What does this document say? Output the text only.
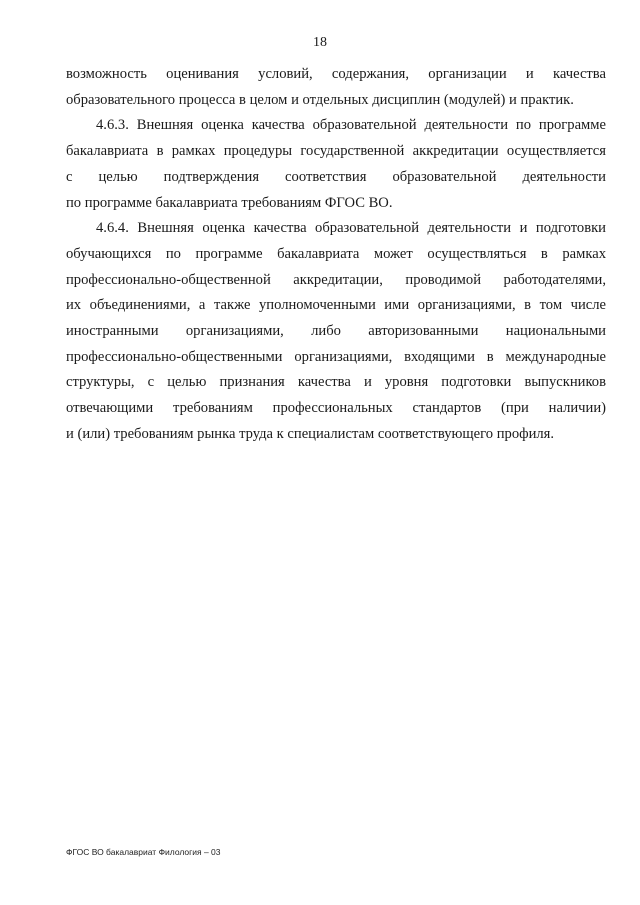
18
возможность оценивания условий, содержания, организации и качества
образовательного процесса в целом и отдельных дисциплин (модулей) и практик.
4.6.3. Внешняя оценка качества образовательной деятельности по программе
бакалавриата в рамках процедуры государственной аккредитации осуществляется
с целью подтверждения соответствия образовательной деятельности
по программе бакалавриата требованиям ФГОС ВО.
4.6.4. Внешняя оценка качества образовательной деятельности и подготовки
обучающихся по программе бакалавриата может осуществляться в рамках
профессионально-общественной аккредитации, проводимой работодателями,
их объединениями, а также уполномоченными ими организациями, в том числе
иностранными организациями, либо авторизованными национальными
профессионально-общественными организациями, входящими в международные
структуры, с целью признания качества и уровня подготовки выпускников
отвечающими требованиям профессиональных стандартов (при наличии)
и (или) требованиям рынка труда к специалистам соответствующего профиля.
ФГОС ВО бакалавриат Филология – 03
